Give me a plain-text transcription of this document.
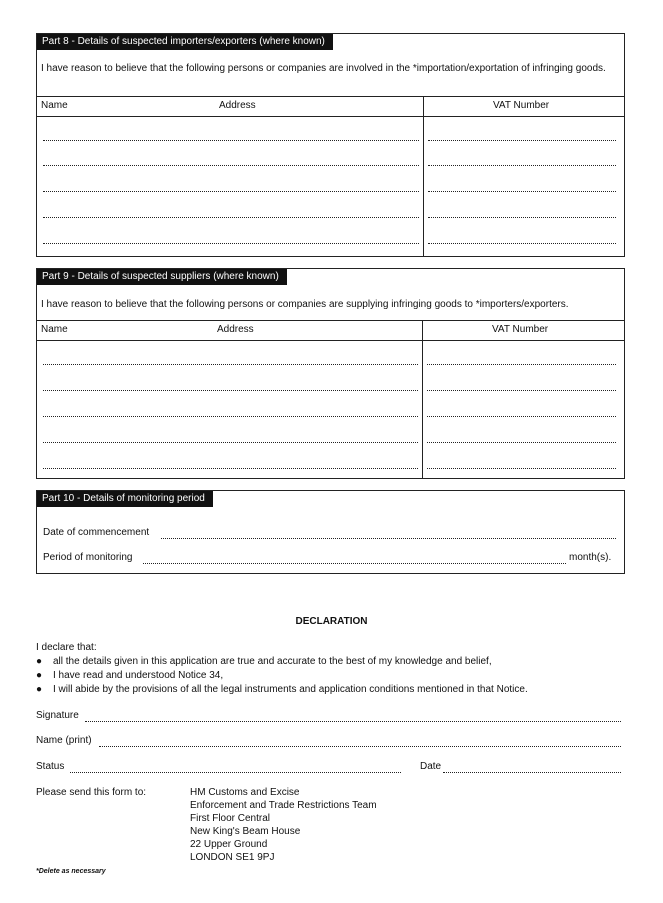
Part 8 - Details of suspected importers/exporters (where known)
I have reason to believe that the following persons or companies are involved in the *importation/exportation of infringing goods.
Name	Address	VAT Number
Part 9 - Details of suspected suppliers (where known)
I have reason to believe that the following persons or companies are supplying infringing goods to *importers/exporters.
Name	Address	VAT Number
Part 10 - Details of monitoring period
Date of commencement
Period of monitoring	month(s).
DECLARATION
I declare that:
● all the details given in this application are true and accurate to the best of my knowledge and belief,
● I have read and understood Notice 34,
● I will abide by the provisions of all the legal instruments and application conditions mentioned in that Notice.
Signature
Name (print)
Status	Date
Please send this form to:	HM Customs and Excise
Enforcement and Trade Restrictions Team
First Floor Central
New King's Beam House
22 Upper Ground
LONDON SE1 9PJ
*Delete as necessary
